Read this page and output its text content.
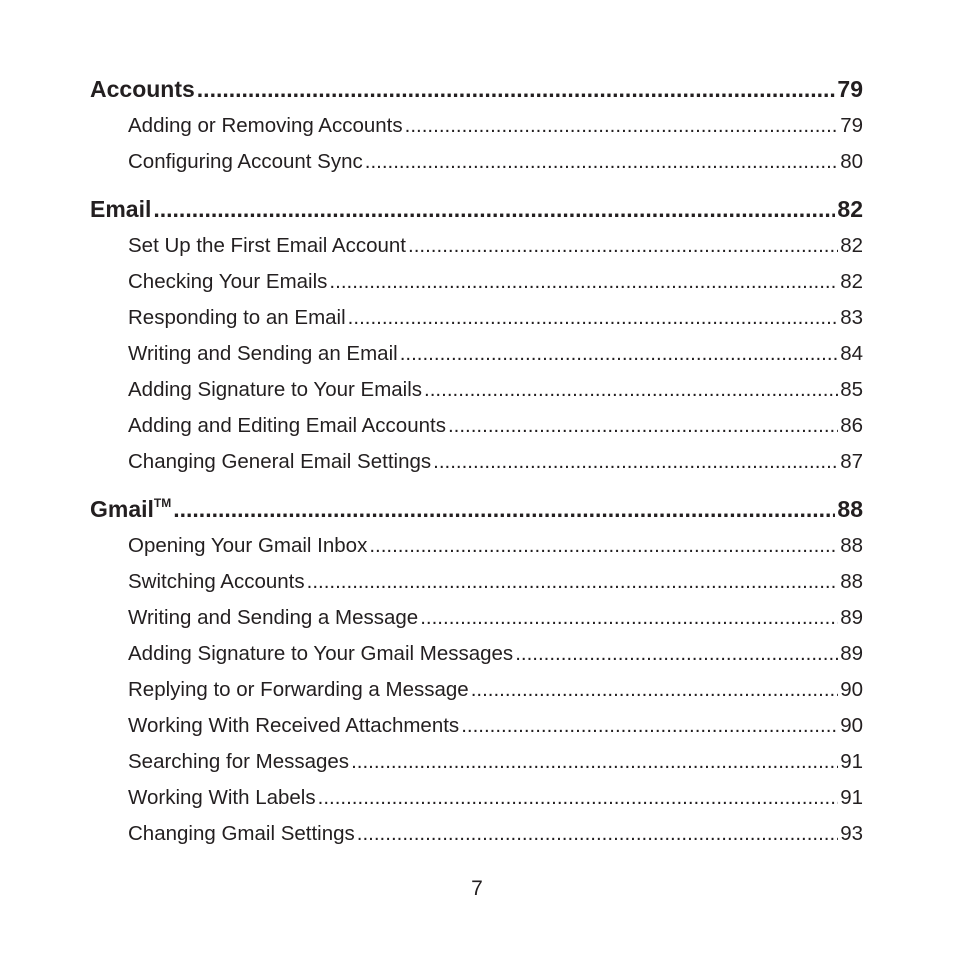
Accounts .....	79
Adding or Removing Accounts .....	79
Configuring Account Sync .....	80
Email .....	82
Set Up the First Email Account .....	82
Checking Your Emails .....	82
Responding to an Email .....	83
Writing and Sending an Email .....	84
Adding Signature to Your Emails .....	85
Adding and Editing Email Accounts .....	86
Changing General Email Settings .....	87
Gmail™ .....	88
Opening Your Gmail Inbox .....	88
Switching Accounts .....	88
Writing and Sending a Message .....	89
Adding Signature to Your Gmail Messages .....	89
Replying to or Forwarding a Message .....	90
Working With Received Attachments .....	90
Searching for Messages .....	91
Working With Labels .....	91
Changing Gmail Settings .....	93
7
